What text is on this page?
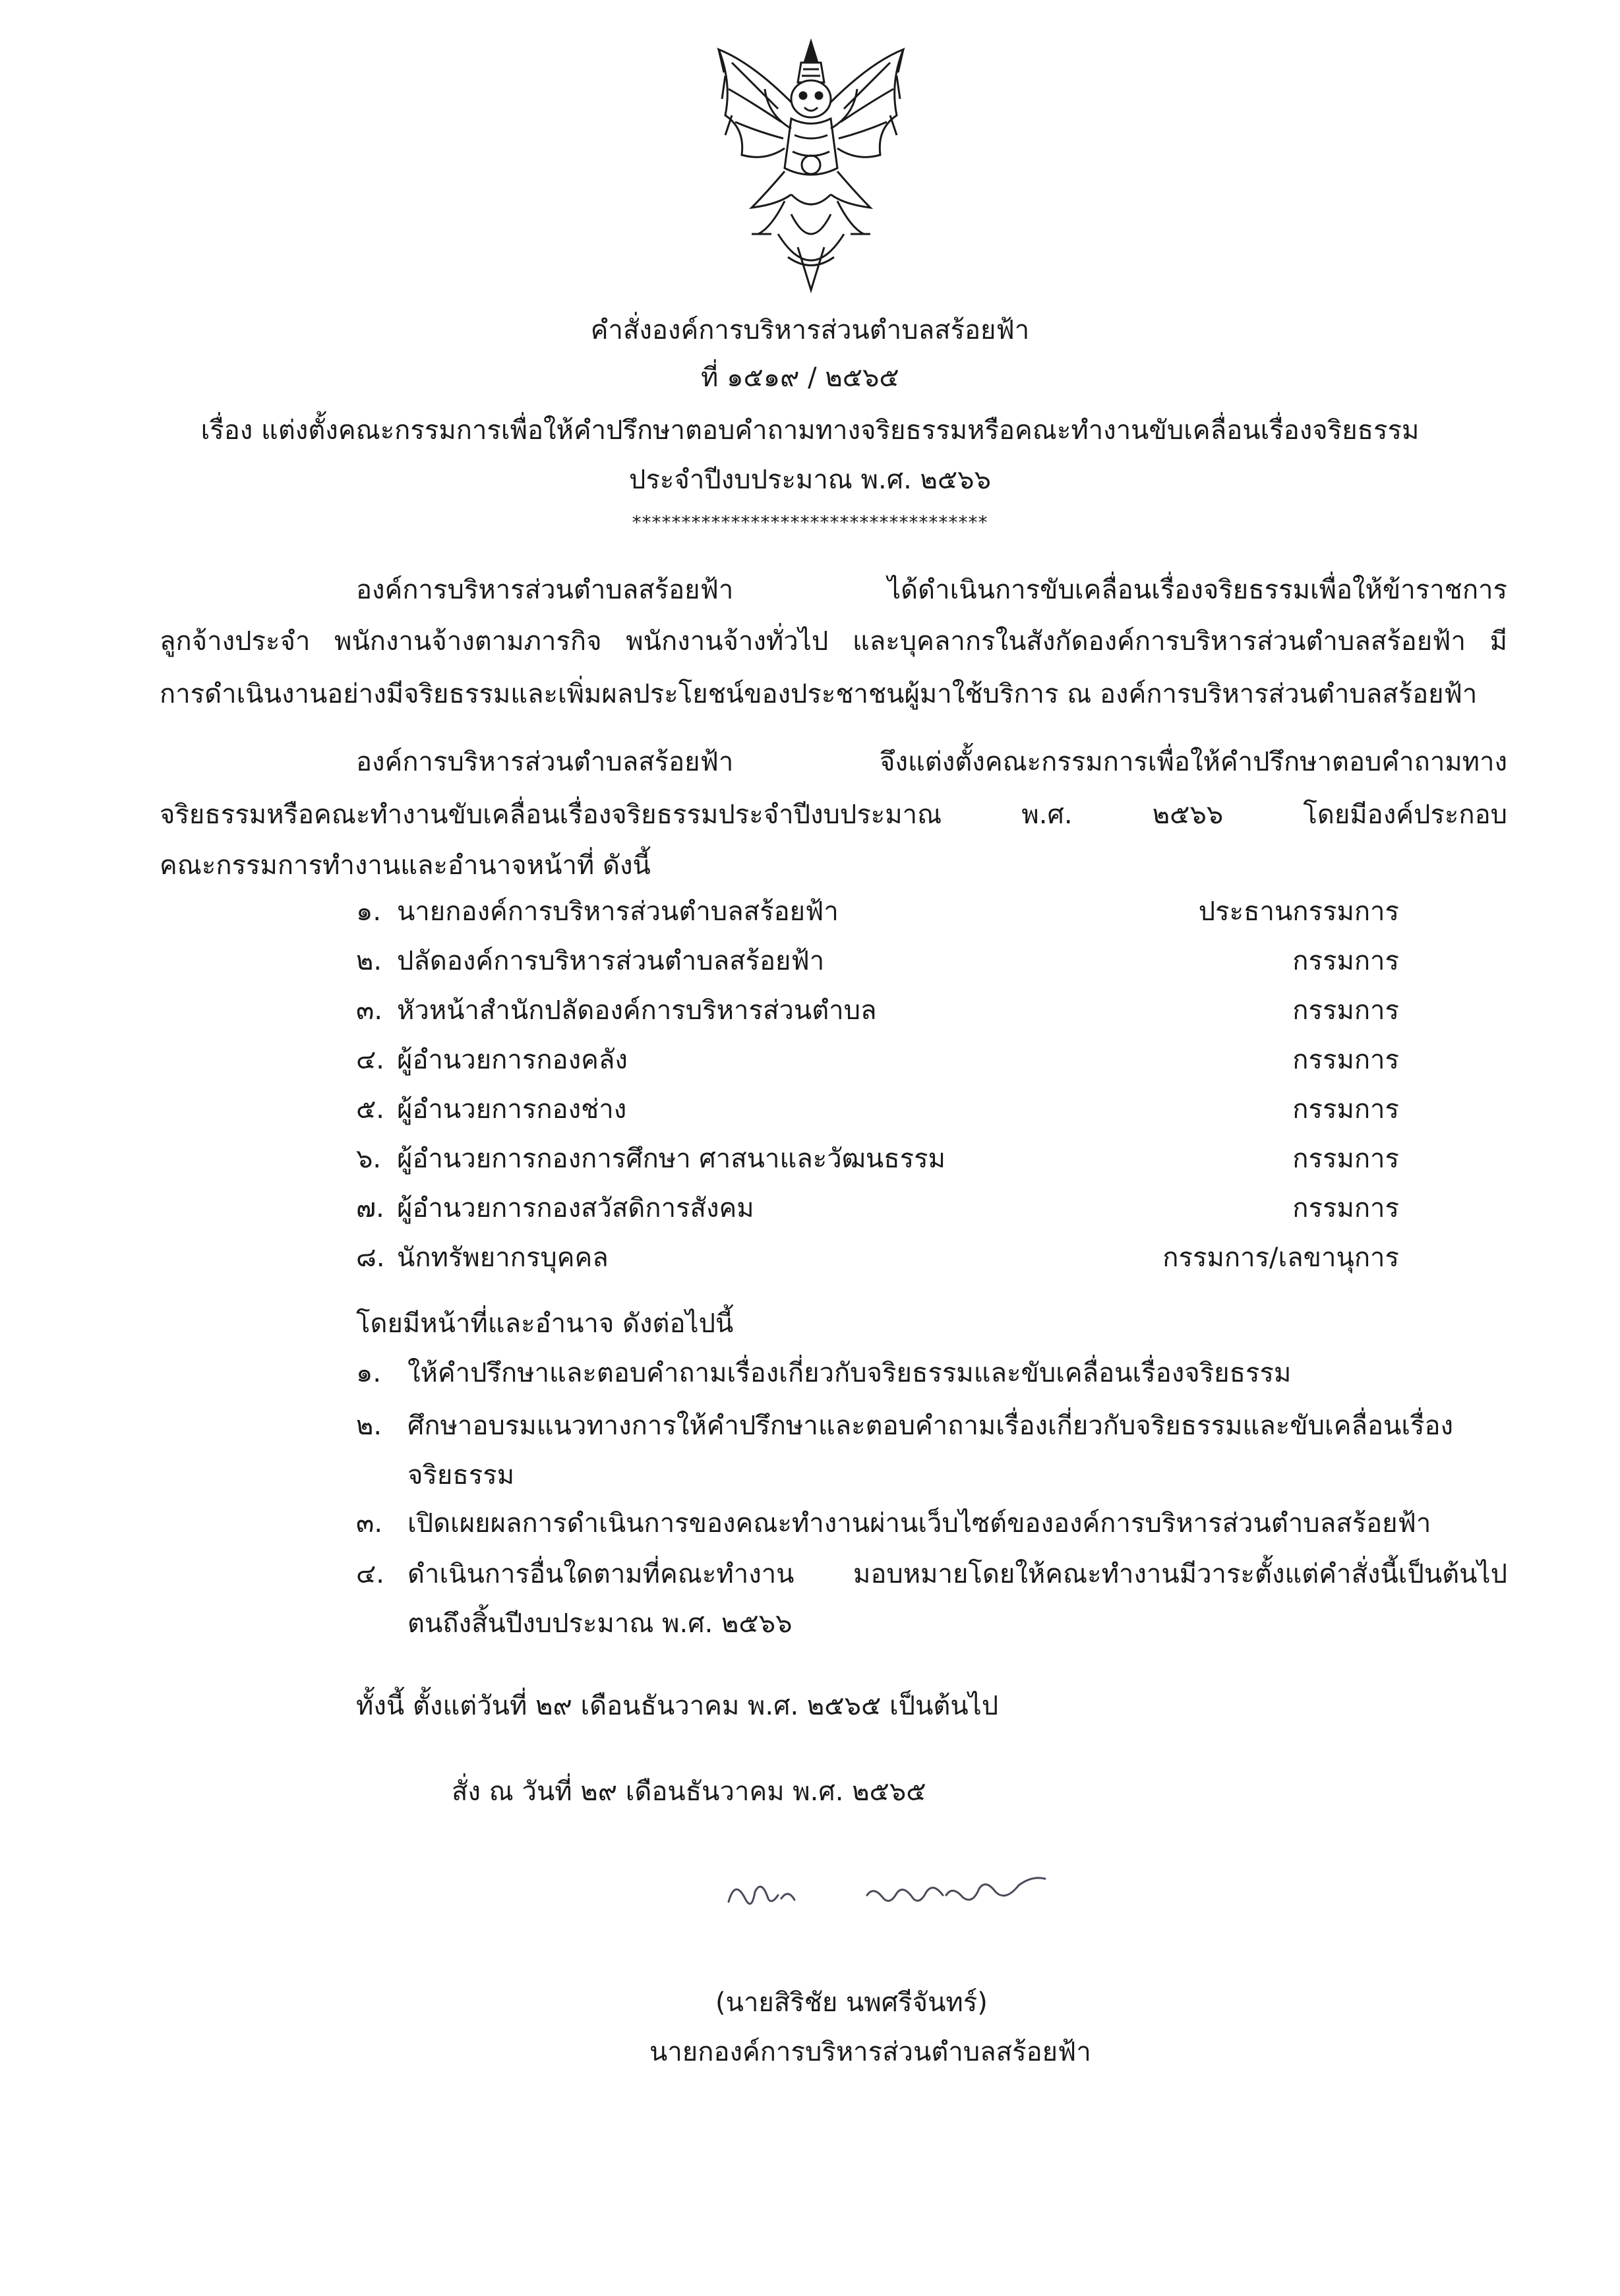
คำสั่งองค์การบริหารส่วนตำบลสร้อยฟ้า
ที่ ๑๕๑๙ / ๒๕๖๕
เรื่อง แต่งตั้งคณะกรรมการเพื่อให้คำปรึกษาตอบคำถามทางจริยธรรมหรือคณะทำงานขับเคลื่อนเรื่องจริยธรรม
ประจำปีงบประมาณ พ.ศ. ๒๕๖๖
************************************
องค์การบริหารส่วนตำบลสร้อยฟ้า	ได้ดำเนินการขับเคลื่อนเรื่องจริยธรรมเพื่อให้ข้าราชการ
ลูกจ้างประจำ พนักงานจ้างตามภารกิจ พนักงานจ้างทั่วไป และบุคลากรในสังกัดองค์การบริหารส่วนตำบลสร้อยฟ้า มี
การดำเนินงานอย่างมีจริยธรรมและเพิ่มผลประโยชน์ของประชาชนผู้มาใช้บริการ ณ องค์การบริหารส่วนตำบลสร้อยฟ้า
องค์การบริหารส่วนตำบลสร้อยฟ้า	จึงแต่งตั้งคณะกรรมการเพื่อให้คำปรึกษาตอบคำถามทาง
จริยธรรมหรือคณะทำงานขับเคลื่อนเรื่องจริยธรรมประจำปีงบประมาณ	พ.ศ.	๒๕๖๖	โดยมีองค์ประกอบ
คณะกรรมการทำงานและอำนาจหน้าที่ ดังนี้
๑. นายกองค์การบริหารส่วนตำบลสร้อยฟ้า	ประธานกรรมการ
๒. ปลัดองค์การบริหารส่วนตำบลสร้อยฟ้า	กรรมการ
๓. หัวหน้าสำนักปลัดองค์การบริหารส่วนตำบล	กรรมการ
๔. ผู้อำนวยการกองคลัง	กรรมการ
๕. ผู้อำนวยการกองช่าง	กรรมการ
๖. ผู้อำนวยการกองการศึกษา ศาสนาและวัฒนธรรม	กรรมการ
๗. ผู้อำนวยการกองสวัสดิการสังคม	กรรมการ
๘. นักทรัพยากรบุคคล	กรรมการ/เลขานุการ
โดยมีหน้าที่และอำนาจ ดังต่อไปนี้
๑. ให้คำปรึกษาและตอบคำถามเรื่องเกี่ยวกับจริยธรรมและขับเคลื่อนเรื่องจริยธรรม
๒. ศึกษาอบรมแนวทางการให้คำปรึกษาและตอบคำถามเรื่องเกี่ยวกับจริยธรรมและขับเคลื่อนเรื่อง
จริยธรรม
๓. เปิดเผยผลการดำเนินการของคณะทำงานผ่านเว็บไซต์ขององค์การบริหารส่วนตำบลสร้อยฟ้า
๔. ดำเนินการอื่นใดตามที่คณะทำงาน มอบหมายโดยให้คณะทำงานมีวาระตั้งแต่คำสั่งนี้เป็นต้นไป
ตนถึงสิ้นปีงบประมาณ พ.ศ. ๒๕๖๖
ทั้งนี้ ตั้งแต่วันที่ ๒๙ เดือนธันวาคม พ.ศ. ๒๕๖๕ เป็นต้นไป
สั่ง ณ วันที่ ๒๙ เดือนธันวาคม พ.ศ. ๒๕๖๕
(นายสิริชัย นพศรีจันทร์)
นายกองค์การบริหารส่วนตำบลสร้อยฟ้า
